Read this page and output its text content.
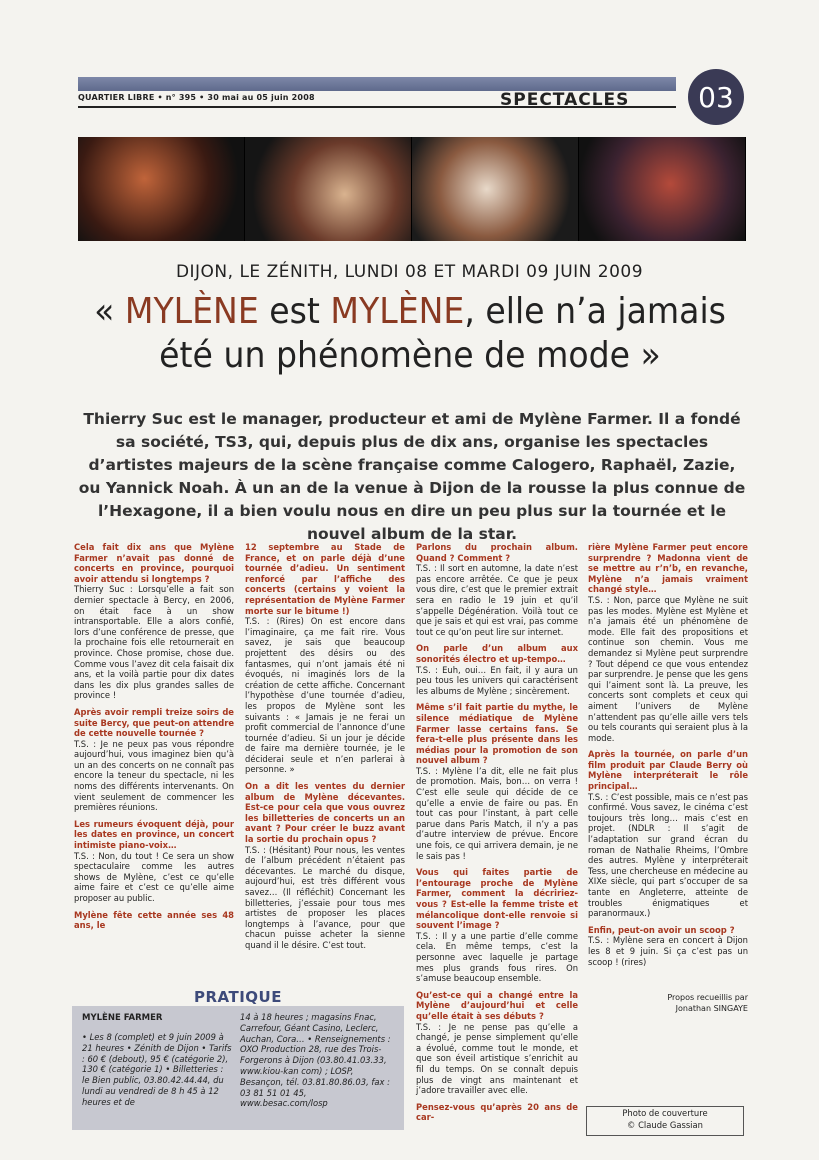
QUARTIER LIBRE • n° 395 • 30 mai au 05 juin 2008	SPECTACLES	03
DIJON, LE ZÉNITH, LUNDI 08 ET MARDI 09 JUIN 2009
« MYLÈNE est MYLÈNE, elle n’a jamais été un phénomène de mode »
Thierry Suc est le manager, producteur et ami de Mylène Farmer. Il a fondé sa société, TS3, qui, depuis plus de dix ans, organise les spectacles d’artistes majeurs de la scène française comme Calogero, Raphaël, Zazie, ou Yannick Noah. À un an de la venue à Dijon de la rousse la plus connue de l’Hexagone, il a bien voulu nous en dire un peu plus sur la tournée et le nouvel album de la star.

Cela fait dix ans que Mylène Farmer n’avait pas donné de concerts en province, pourquoi avoir attendu si longtemps ?
Thierry Suc : Lorsqu’elle a fait son dernier spectacle à Bercy, en 2006, on était face à un show intransportable. Elle a alors confié, lors d’une conférence de presse, que la prochaine fois elle retournerait en province. Chose promise, chose due. Comme vous l’avez dit cela faisait dix ans, et la voilà partie pour dix dates dans les dix plus grandes salles de province !

Après avoir rempli treize soirs de suite Bercy, que peut-on attendre de cette nouvelle tournée ?
T.S. : Je ne peux pas vous répondre aujourd’hui, vous imaginez bien qu’à un an des concerts on ne connaît pas encore la teneur du spectacle, ni les noms des différents intervenants. On vient seulement de commencer les premières réunions.

Les rumeurs évoquent déjà, pour les dates en province, un concert intimiste piano-voix…
T.S. : Non, du tout ! Ce sera un show spectaculaire comme les autres shows de Mylène, c’est ce qu’elle aime faire et c’est ce qu’elle aime proposer au public.

Mylène fête cette année ses 48 ans, le

12 septembre au Stade de France, et on parle déjà d’une tournée d’adieu. Un sentiment renforcé par l’affiche des concerts (certains y voient la représentation de Mylène Farmer morte sur le bitume !)
T.S. : (Rires) On est encore dans l’imaginaire, ça me fait rire. Vous savez, je sais que beaucoup projettent des désirs ou des fantasmes, qui n’ont jamais été ni évoqués, ni imaginés lors de la création de cette affiche. Concernant l’hypothèse d’une tournée d’adieu, les propos de Mylène sont les suivants : « Jamais je ne ferai un profit commercial de l’annonce d’une tournée d’adieu. Si un jour je décide de faire ma dernière tournée, je le déciderai seule et n’en parlerai à personne. »

On a dit les ventes du dernier album de Mylène décevantes. Est-ce pour cela que vous ouvrez les billetteries de concerts un an avant ? Pour créer le buzz avant la sortie du prochain opus ?
T.S. : (Hésitant) Pour nous, les ventes de l’album précédent n’étaient pas décevantes. Le marché du disque, aujourd’hui, est très différent vous savez… (Il réfléchit) Concernant les billetteries, j’essaie pour tous mes artistes de proposer les places longtemps à l’avance, pour que chacun puisse acheter la sienne quand il le désire. C’est tout.

Parlons du prochain album. Quand ? Comment ?
T.S. : Il sort en automne, la date n’est pas encore arrêtée. Ce que je peux vous dire, c’est que le premier extrait sera en radio le 19 juin et qu’il s’appelle Dégénération. Voilà tout ce que je sais et qui est vrai, pas comme tout ce qu’on peut lire sur internet.

On parle d’un album aux sonorités électro et up-tempo…
T.S. : Euh, oui… En fait, il y aura un peu tous les univers qui caractérisent les albums de Mylène ; sincèrement.

Même s’il fait partie du mythe, le silence médiatique de Mylène Farmer lasse certains fans. Se fera-t-elle plus présente dans les médias pour la promotion de son nouvel album ?
T.S. : Mylène l’a dit, elle ne fait plus de promotion. Mais, bon… on verra ! C’est elle seule qui décide de ce qu’elle a envie de faire ou pas. En tout cas pour l’instant, à part celle parue dans Paris Match, il n’y a pas d’autre interview de prévue. Encore une fois, ce qui arrivera demain, je ne le sais pas !

Vous qui faites partie de l’entourage proche de Mylène Farmer, comment la décririez-vous ? Est-elle la femme triste et mélancolique dont-elle renvoie si souvent l’image ?
T.S. : Il y a une partie d’elle comme cela. En même temps, c’est la personne avec laquelle je partage mes plus grands fous rires. On s’amuse beaucoup ensemble.

Qu’est-ce qui a changé entre la Mylène d’aujourd’hui et celle qu’elle était à ses débuts ?
T.S. : Je ne pense pas qu’elle a changé, je pense simplement qu’elle a évolué, comme tout le monde, et que son éveil artistique s’enrichit au fil du temps. On se connaît depuis plus de vingt ans maintenant et j’adore travailler avec elle.

Pensez-vous qu’après 20 ans de car-

rière Mylène Farmer peut encore surprendre ? Madonna vient de se mettre au r’n’b, en revanche, Mylène n’a jamais vraiment changé style…
T.S. : Non, parce que Mylène ne suit pas les modes. Mylène est Mylène et n’a jamais été un phénomène de mode. Elle fait des propositions et continue son chemin. Vous me demandez si Mylène peut surprendre ? Tout dépend ce que vous entendez par surprendre. Je pense que les gens qui l’aiment sont là. La preuve, les concerts sont complets et ceux qui aiment l’univers de Mylène n’attendent pas qu’elle aille vers tels ou tels courants qui seraient plus à la mode.

Après la tournée, on parle d’un film produit par Claude Berry où Mylène interpréterait le rôle principal…
T.S. : C’est possible, mais ce n’est pas confirmé. Vous savez, le cinéma c’est toujours très long… mais c’est en projet. (NDLR : Il s’agit de l’adaptation sur grand écran du roman de Nathalie Rheims, l’Ombre des autres. Mylène y interpréterait Tess, une chercheuse en médecine au XIXe siècle, qui part s’occuper de sa tante en Angleterre, atteinte de troubles énigmatiques et paranormaux.)

Enfin, peut-on avoir un scoop ?
T.S. : Mylène sera en concert à Dijon les 8 et 9 juin. Si ça c’est pas un scoop ! (rires)

Propos recueillis par
Jonathan SINGAYE
PRATIQUE
MYLÈNE FARMER
• Les 8 (complet) et 9 juin 2009 à 21 heures • Zénith de Dijon • Tarifs : 60 € (debout), 95 € (catégorie 2), 130 € (catégorie 1) • Billetteries : le Bien public, 03.80.42.44.44, du lundi au vendredi de 8 h 45 à 12 heures et de
14 à 18 heures ; magasins Fnac, Carrefour, Géant Casino, Leclerc, Auchan, Cora… • Renseignements : OXO Production 28, rue des Trois-Forgerons à Dijon (03.80.41.03.33, www.kiou-kan com) ; LOSP, Besançon, tél. 03.81.80.86.03, fax : 03 81 51 01 45, www.besac.com/losp
Photo de couverture
© Claude Gassian
